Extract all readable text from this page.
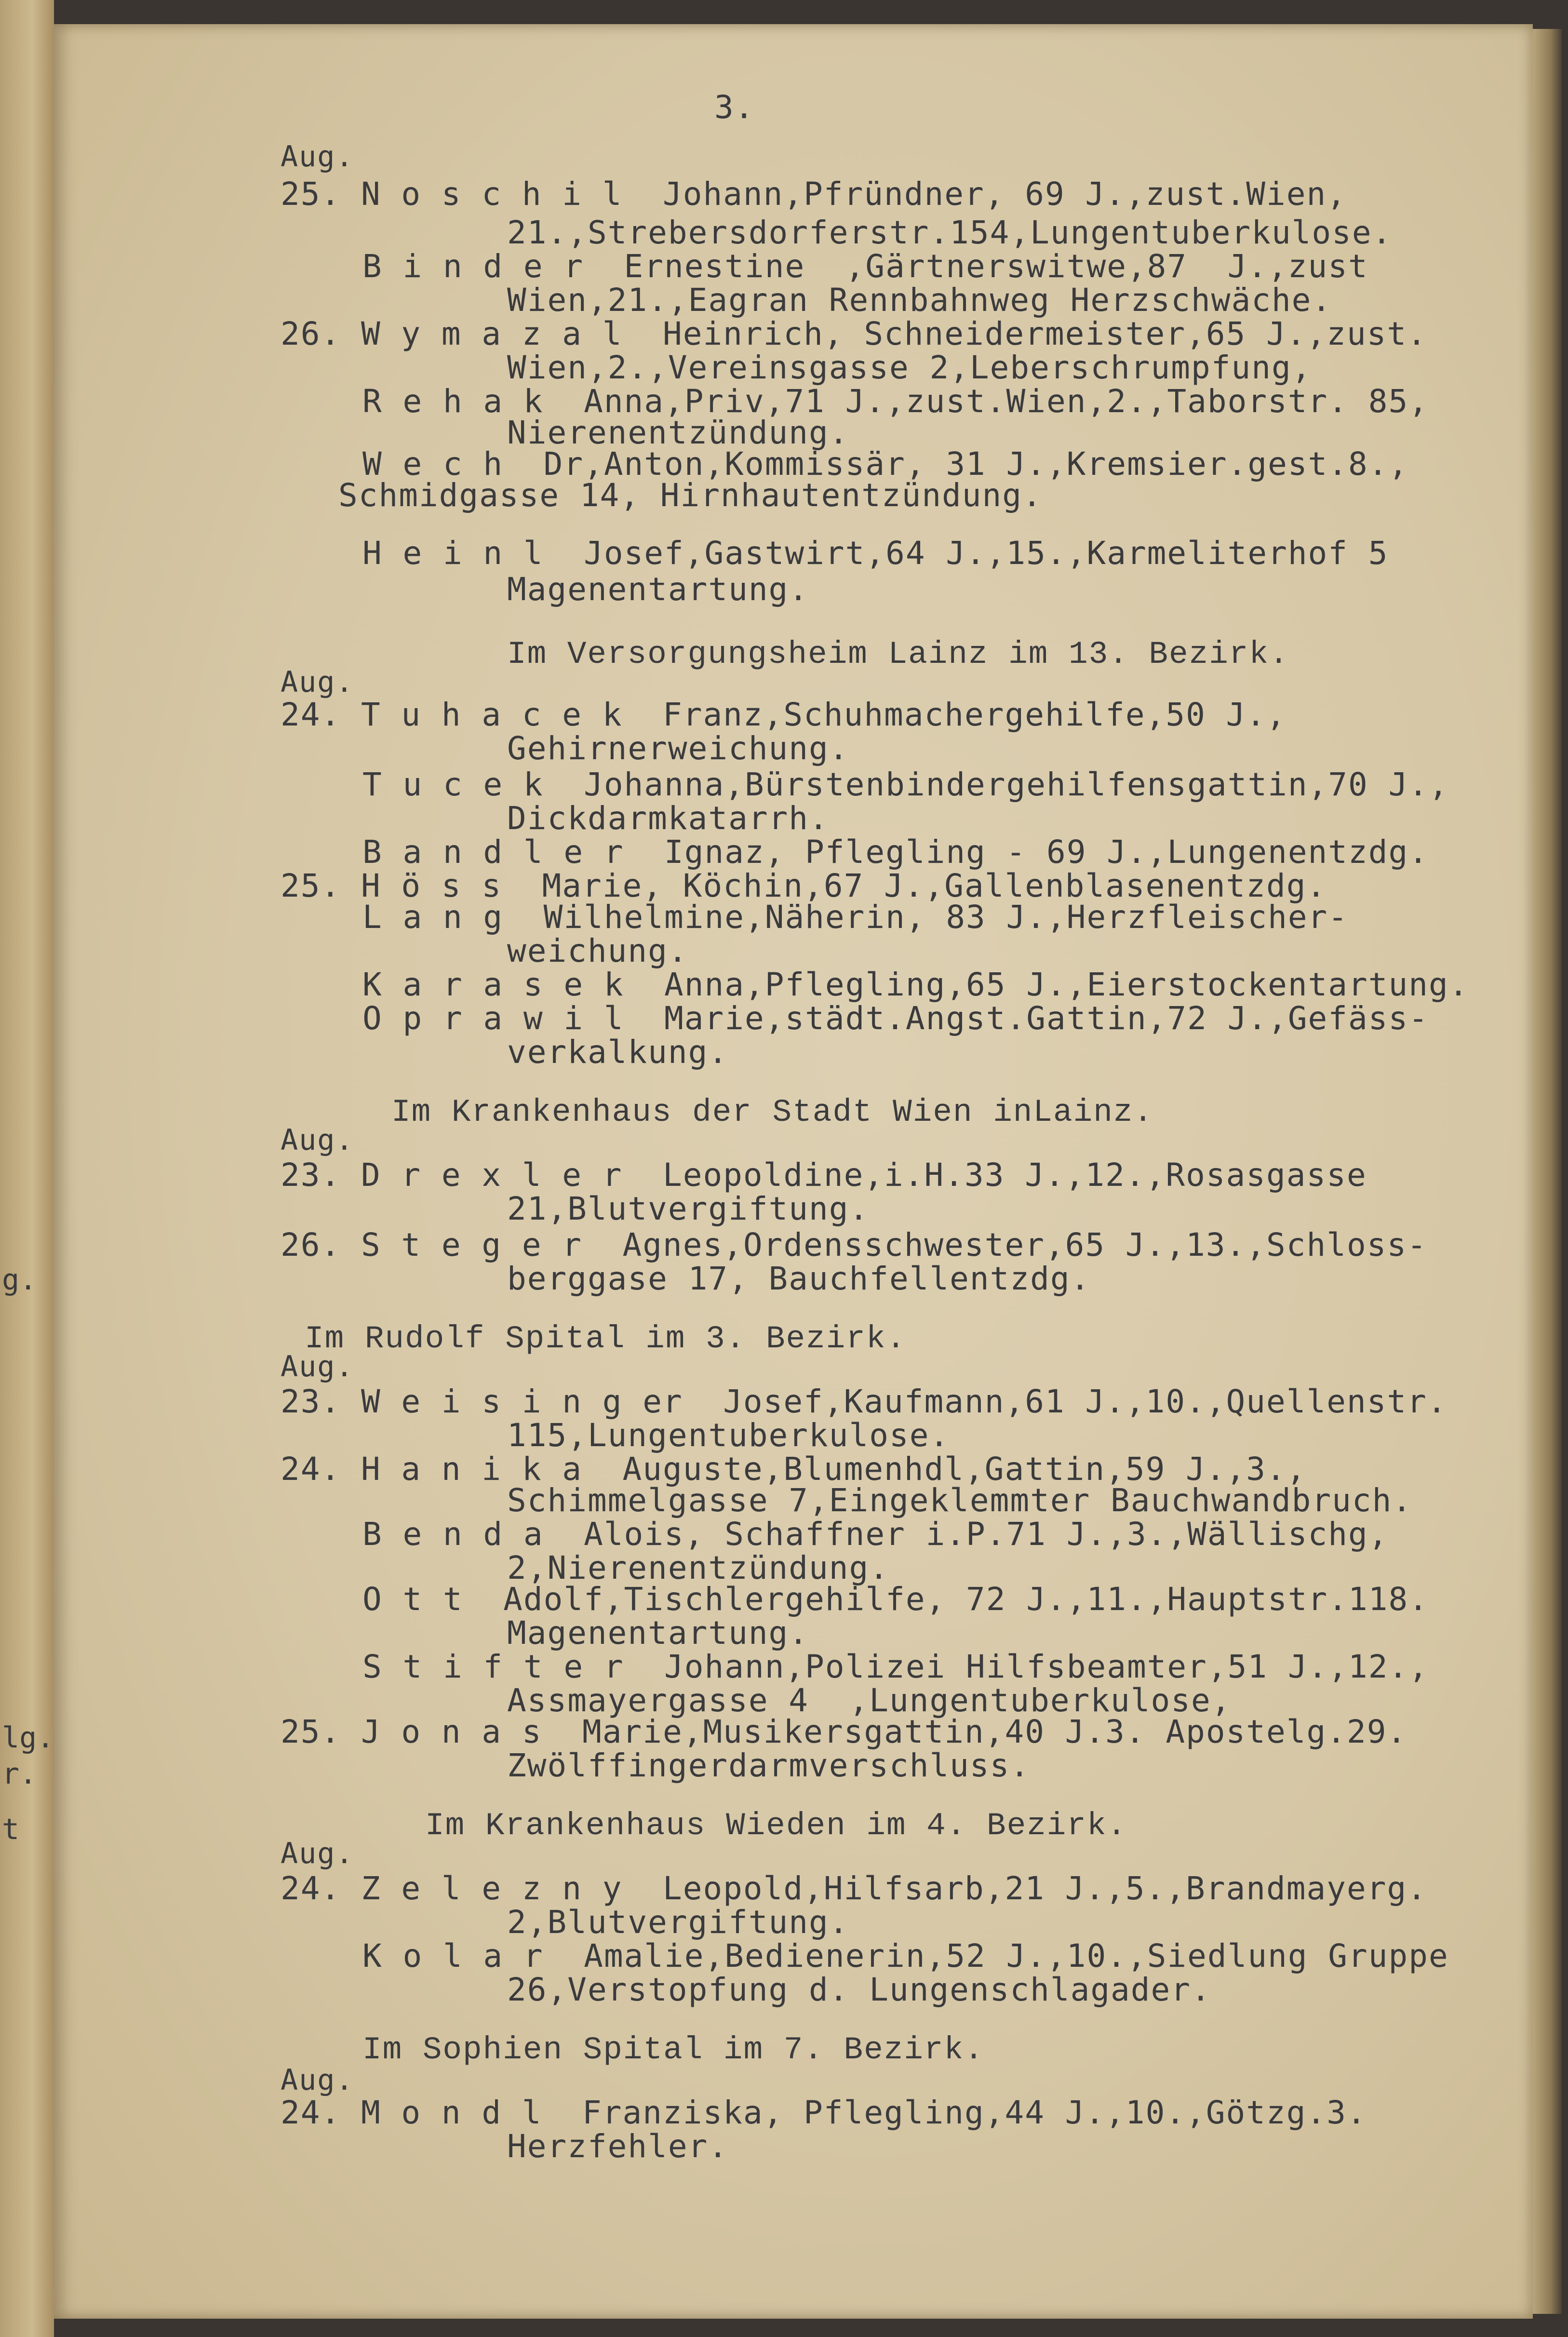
g.

lg.

r.

t

3.

Aug.

25. N o s c h i l  Johann,Pfründner, 69 J.,zust.Wien,

21.,Strebersdorferstr.154,Lungentuberkulose.

B i n d e r  Ernestine  ,Gärtnerswitwe,87  J.,zust

Wien,21.,Eagran Rennbahnweg Herzschwäche.

26. W y m a z a l  Heinrich, Schneidermeister,65 J.,zust.

Wien,2.,Vereinsgasse 2,Leberschrumpfung,

R e h a k  Anna,Priv,71 J.,zust.Wien,2.,Taborstr. 85,

Nierenentzündung.

W e c h  Dr,Anton,Kommissär, 31 J.,Kremsier.gest.8.,

Schmidgasse 14, Hirnhautentzündung.

H e i n l  Josef,Gastwirt,64 J.,15.,Karmeliterhof 5

Magenentartung.

Im Versorgungsheim Lainz im 13. Bezirk.

Aug.

24. T u h a c e k  Franz,Schuhmachergehilfe,50 J.,

Gehirnerweichung.

T u c e k  Johanna,Bürstenbindergehilfensgattin,70 J.,

Dickdarmkatarrh.

B a n d l e r  Ignaz, Pflegling - 69 J.,Lungenentzdg.

25. H ö s s  Marie, Köchin,67 J.,Gallenblasenentzdg.

L a n g  Wilhelmine,Näherin, 83 J.,Herzfleischer-

weichung.

K a r a s e k  Anna,Pflegling,65 J.,Eierstockentartung.

O p r a w i l  Marie,städt.Angst.Gattin,72 J.,Gefäss-

verkalkung.

Im Krankenhaus der Stadt Wien inLainz.

Aug.

23. D r e x l e r  Leopoldine,i.H.33 J.,12.,Rosasgasse

21,Blutvergiftung.

26. S t e g e r  Agnes,Ordensschwester,65 J.,13.,Schloss-

berggase 17, Bauchfellentzdg.

Im Rudolf Spital im 3. Bezirk.

Aug.

23. W e i s i n g er  Josef,Kaufmann,61 J.,10.,Quellenstr.

115,Lungentuberkulose.

24. H a n i k a  Auguste,Blumenhdl,Gattin,59 J.,3.,

Schimmelgasse 7,Eingeklemmter Bauchwandbruch.

B e n d a  Alois, Schaffner i.P.71 J.,3.,Wällischg,

2,Nierenentzündung.

O t t  Adolf,Tischlergehilfe, 72 J.,11.,Hauptstr.118.

Magenentartung.

S t i f t e r  Johann,Polizei Hilfsbeamter,51 J.,12.,

Assmayergasse 4  ,Lungentuberkulose,

25. J o n a s  Marie,Musikersgattin,40 J.3. Apostelg.29.

Zwölffingerdarmverschluss.

Im Krankenhaus Wieden im 4. Bezirk.

Aug.

24. Z e l e z n y  Leopold,Hilfsarb,21 J.,5.,Brandmayerg.

2,Blutvergiftung.

K o l a r  Amalie,Bedienerin,52 J.,10.,Siedlung Gruppe

26,Verstopfung d. Lungenschlagader.

Im Sophien Spital im 7. Bezirk.

Aug.

24. M o n d l  Franziska, Pflegling,44 J.,10.,Götzg.3.

Herzfehler.
